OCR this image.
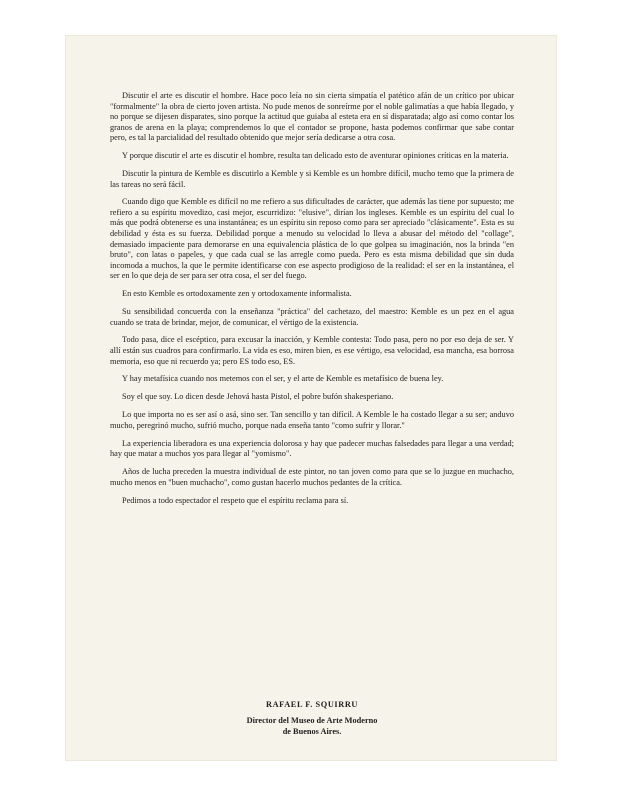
Discutir el arte es discutir el hombre. Hace poco leía no sin cierta simpatía el patético afán de un crítico por ubicar "formalmente" la obra de cierto joven artista. No pude menos de sonreírme por el noble galimatías a que había llegado, y no porque se dijesen disparates, sino porque la actitud que guiaba al esteta era en sí disparatada; algo así como contar los granos de arena en la playa; comprendemos lo que el contador se propone, hasta podemos confirmar que sabe contar pero, es tal la parcialidad del resultado obtenido que mejor sería dedicarse a otra cosa.

Y porque discutir el arte es discutir el hombre, resulta tan delicado esto de aventurar opiniones críticas en la materia.

Discutir la pintura de Kemble es discutirlo a Kemble y si Kemble es un hombre difícil, mucho temo que la primera de las tareas no será fácil.

Cuando digo que Kemble es difícil no me refiero a sus dificultades de carácter, que además las tiene por supuesto; me refiero a su espíritu movedizo, casi mejor, escurridizo: "elusive", dirían los ingleses. Kemble es un espíritu del cual lo más que podrá obtenerse es una instantánea; es un espíritu sin reposo como para ser apreciado "clásicamente". Esta es su debilidad y ésta es su fuerza. Debilidad porque a menudo su velocidad lo lleva a abusar del método del "collage", demasiado impaciente para demorarse en una equivalencia plástica de lo que golpea su imaginación, nos la brinda "en bruto", con latas o papeles, y que cada cual se las arregle como pueda. Pero es esta misma debilidad que sin duda incomoda a muchos, la que le permite identificarse con ese aspecto prodigioso de la realidad: el ser en la instantánea, el ser en lo que deja de ser para ser otra cosa, el ser del fuego.

En esto Kemble es ortodoxamente zen y ortodoxamente informalista.

Su sensibilidad concuerda con la enseñanza "práctica" del cachetazo, del maestro: Kemble es un pez en el agua cuando se trata de brindar, mejor, de comunicar, el vértigo de la existencia.

Todo pasa, dice el escéptico, para excusar la inacción, y Kemble contesta: Todo pasa, pero no por eso deja de ser. Y allí están sus cuadros para confirmarlo. La vida es eso, miren bien, es ese vértigo, esa velocidad, esa mancha, esa borrosa memoria, eso que ni recuerdo ya; pero ES todo eso, ES.

Y hay metafísica cuando nos metemos con el ser, y el arte de Kemble es metafísico de buena ley.

Soy el que soy. Lo dicen desde Jehová hasta Pistol, el pobre bufón shakesperiano.

Lo que importa no es ser así o asá, sino ser. Tan sencillo y tan difícil. A Kemble le ha costado llegar a su ser; anduvo mucho, peregrinó mucho, sufrió mucho, porque nada enseña tanto "como sufrir y llorar."

La experiencia liberadora es una experiencia dolorosa y hay que padecer muchas falsedades para llegar a una verdad; hay que matar a muchos yos para llegar al "yomismo".

Años de lucha preceden la muestra individual de este pintor, no tan joven como para que se lo juzgue en muchacho, mucho menos en "buen muchacho", como gustan hacerlo muchos pedantes de la crítica.

Pedimos a todo espectador el respeto que el espíritu reclama para sí.

RAFAEL F. SQUIRRU
Director del Museo de Arte Moderno
de Buenos Aires.
